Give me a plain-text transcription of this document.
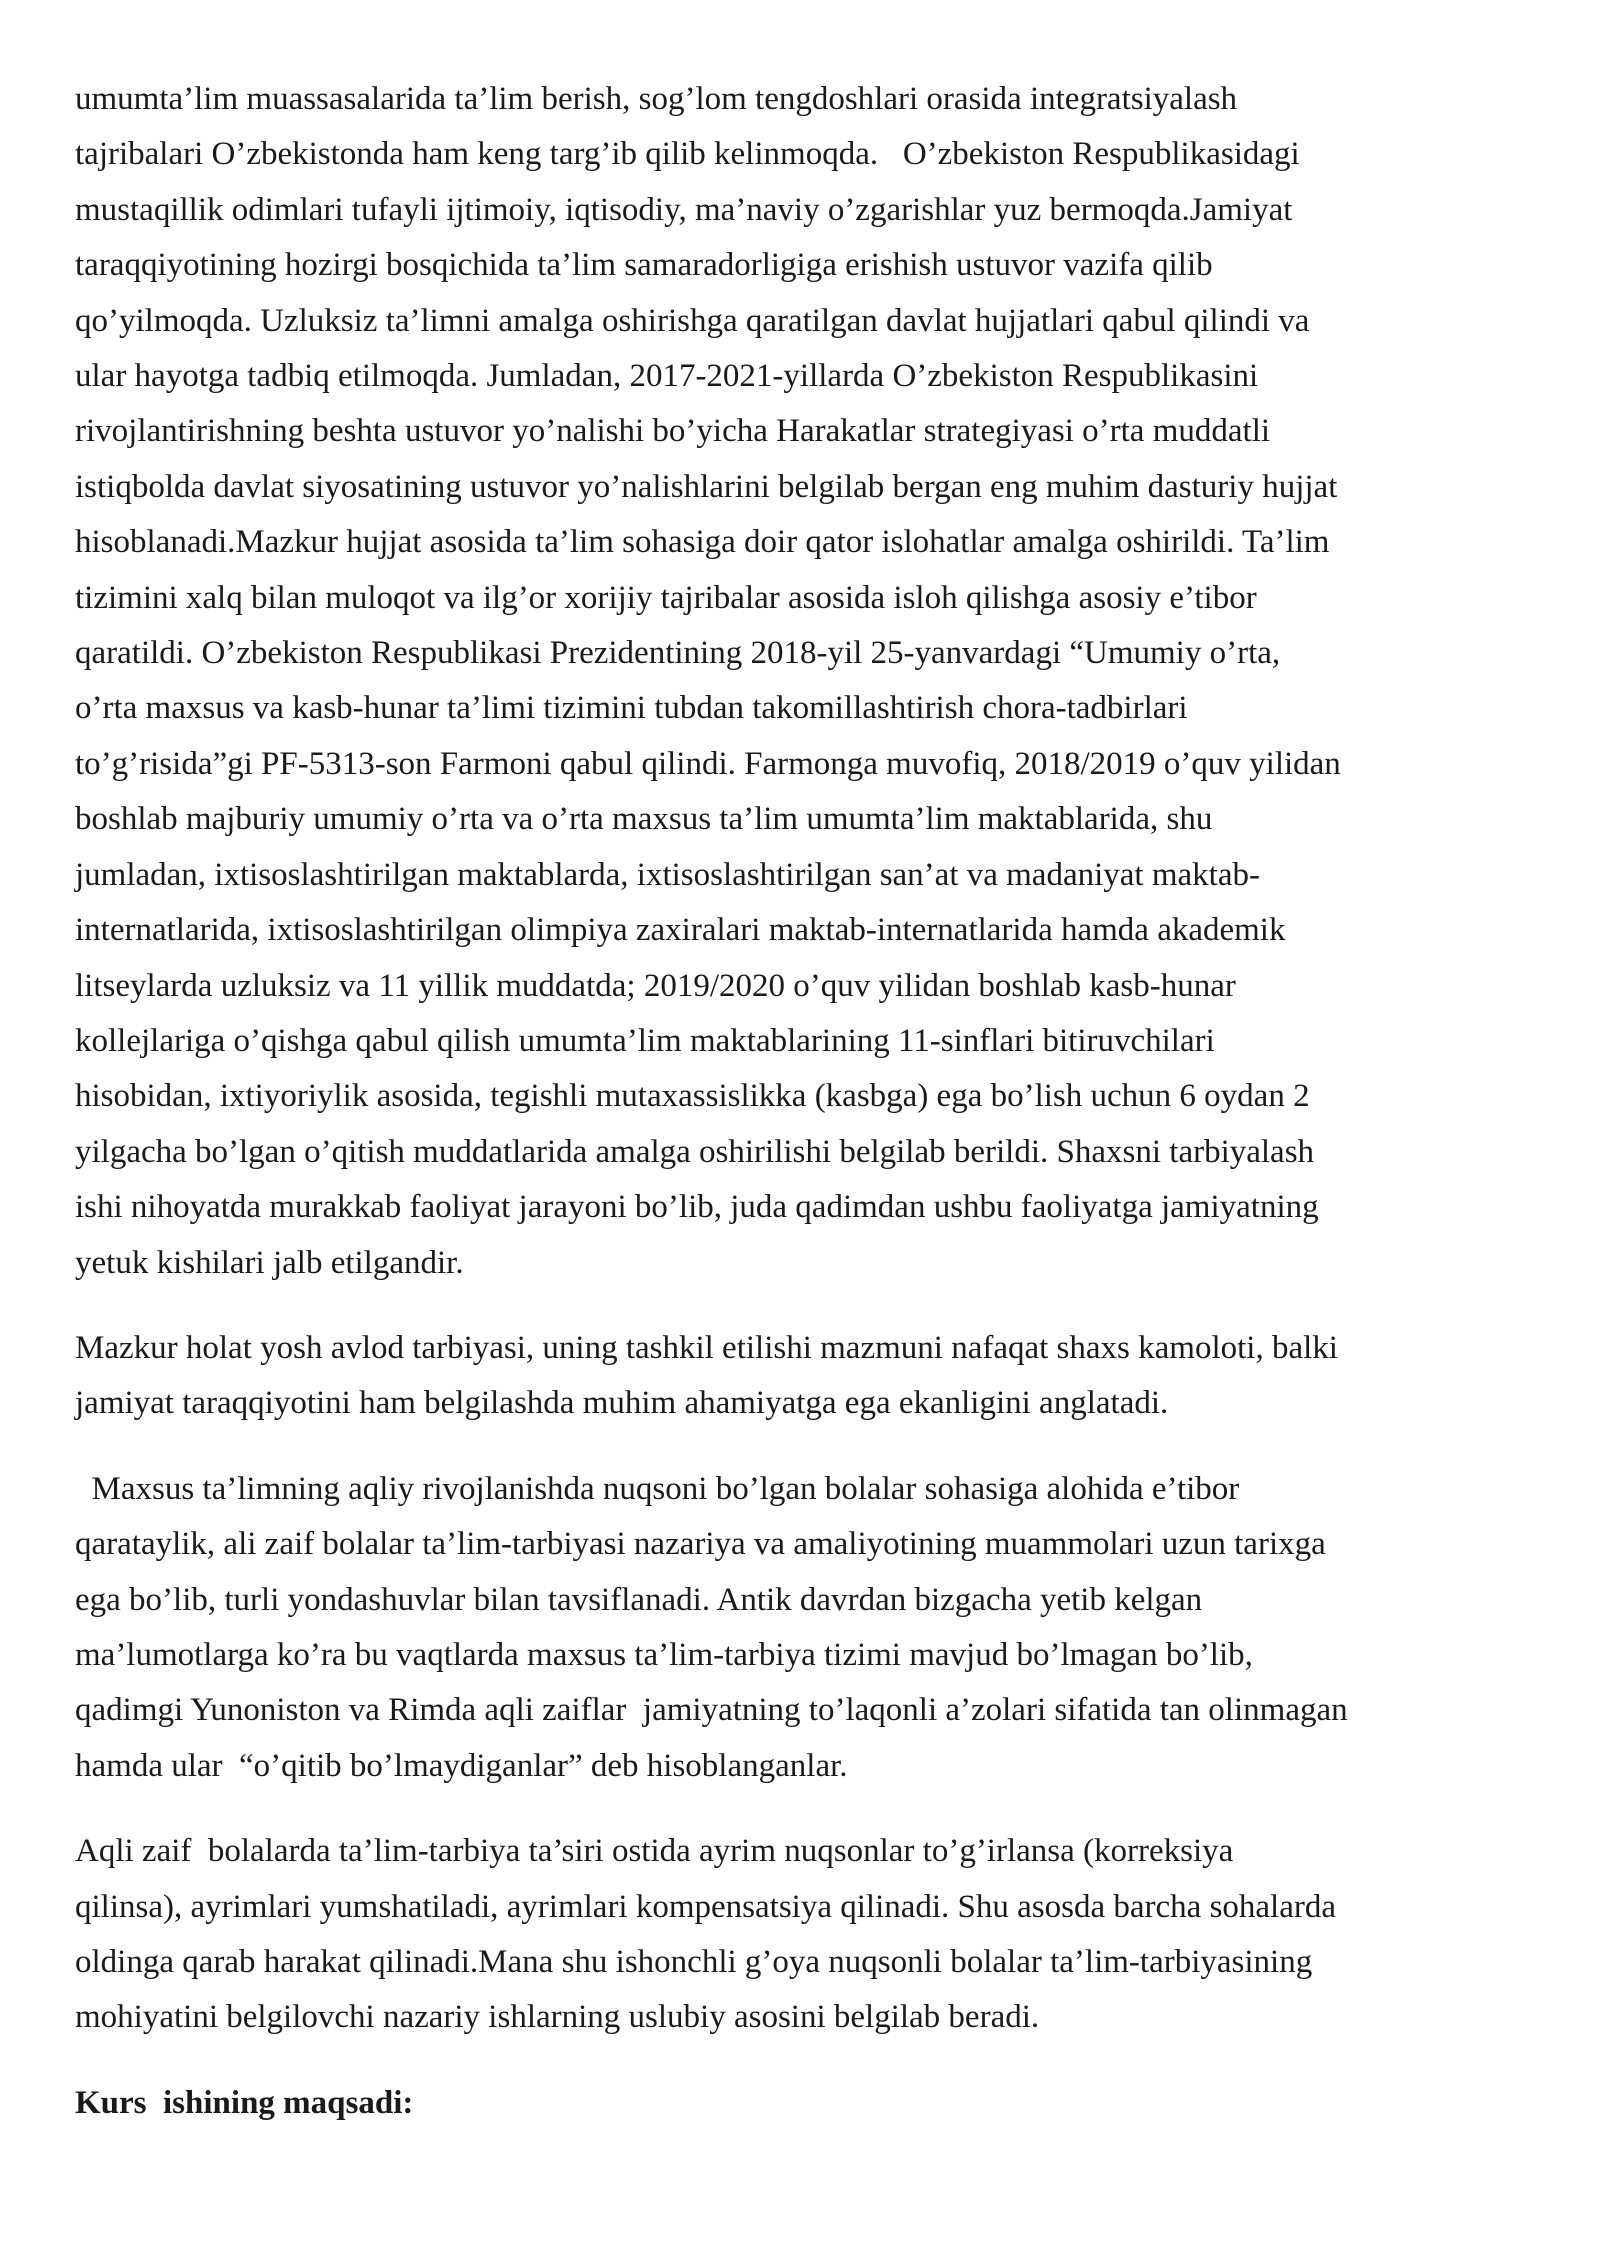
umumta’lim muassasalarida ta’lim berish, sog’lom tengdoshlari orasida integratsiyalash
tajribalari O’zbekistonda ham keng targ’ib qilib kelinmoqda.   O’zbekiston Respublikasidagi
mustaqillik odimlari tufayli ijtimoiy, iqtisodiy, ma’naviy o’zgarishlar yuz bermoqda.Jamiyat
taraqqiyotining hozirgi bosqichida ta’lim samaradorligiga erishish ustuvor vazifa qilib
qo’yilmoqda. Uzluksiz ta’limni amalga oshirishga qaratilgan davlat hujjatlari qabul qilindi va
ular hayotga tadbiq etilmoqda. Jumladan, 2017-2021-yillarda O’zbekiston Respublikasini
rivojlantirishning beshta ustuvor yo’nalishi bo’yicha Harakatlar strategiyasi o’rta muddatli
istiqbolda davlat siyosatining ustuvor yo’nalishlarini belgilab bergan eng muhim dasturiy hujjat
hisoblanadi.Mazkur hujjat asosida ta’lim sohasiga doir qator islohatlar amalga oshirildi. Ta’lim
tizimini xalq bilan muloqot va ilg’or xorijiy tajribalar asosida isloh qilishga asosiy e’tibor
qaratildi. O’zbekiston Respublikasi Prezidentining 2018-yil 25-yanvardagi “Umumiy o’rta,
o’rta maxsus va kasb-hunar ta’limi tizimini tubdan takomillashtirish chora-tadbirlari
to’g’risida”gi PF-5313-son Farmoni qabul qilindi. Farmonga muvofiq, 2018/2019 o’quv yilidan
boshlab majburiy umumiy o’rta va o’rta maxsus ta’lim umumta’lim maktablarida, shu
jumladan, ixtisoslashtirilgan maktablarda, ixtisoslashtirilgan san’at va madaniyat maktab-
internatlarida, ixtisoslashtirilgan olimpiya zaxiralari maktab-internatlarida hamda akademik
litseylarda uzluksiz va 11 yillik muddatda; 2019/2020 o’quv yilidan boshlab kasb-hunar
kollejlariga o’qishga qabul qilish umumta’lim maktablarining 11-sinflari bitiruvchilari
hisobidan, ixtiyoriylik asosida, tegishli mutaxassislikka (kasbga) ega bo’lish uchun 6 oydan 2
yilgacha bo’lgan o’qitish muddatlarida amalga oshirilishi belgilab berildi. Shaxsni tarbiyalash
ishi nihoyatda murakkab faoliyat jarayoni bo’lib, juda qadimdan ushbu faoliyatga jamiyatning
yetuk kishilari jalb etilgandir.
Mazkur holat yosh avlod tarbiyasi, uning tashkil etilishi mazmuni nafaqat shaxs kamoloti, balki
jamiyat taraqqiyotini ham belgilashda muhim ahamiyatga ega ekanligini anglatadi.
Maxsus ta’limning aqliy rivojlanishda nuqsoni bo’lgan bolalar sohasiga alohida e’tibor
qarataylik, ali zaif bolalar ta’lim-tarbiyasi nazariya va amaliyotining muammolari uzun tarixga
ega bo’lib, turli yondashuvlar bilan tavsiflanadi. Antik davrdan bizgacha yetib kelgan
ma’lumotlarga ko’ra bu vaqtlarda maxsus ta’lim-tarbiya tizimi mavjud bo’lmagan bo’lib,
qadimgi Yunoniston va Rimda aqli zaiflar  jamiyatning to’laqonli a’zolari sifatida tan olinmagan
hamda ular  “o’qitib bo’lmaydiganlar” deb hisoblanganlar.
Aqli zaif  bolalarda ta’lim-tarbiya ta’siri ostida ayrim nuqsonlar to’g’irlansa (korreksiya
qilinsa), ayrimlari yumshatiladi, ayrimlari kompensatsiya qilinadi. Shu asosda barcha sohalarda
oldinga qarab harakat qilinadi.Mana shu ishonchli g’oya nuqsonli bolalar ta’lim-tarbiyasining
mohiyatini belgilovchi nazariy ishlarning uslubiy asosini belgilab beradi.
Kurs  ishining maqsadi:
